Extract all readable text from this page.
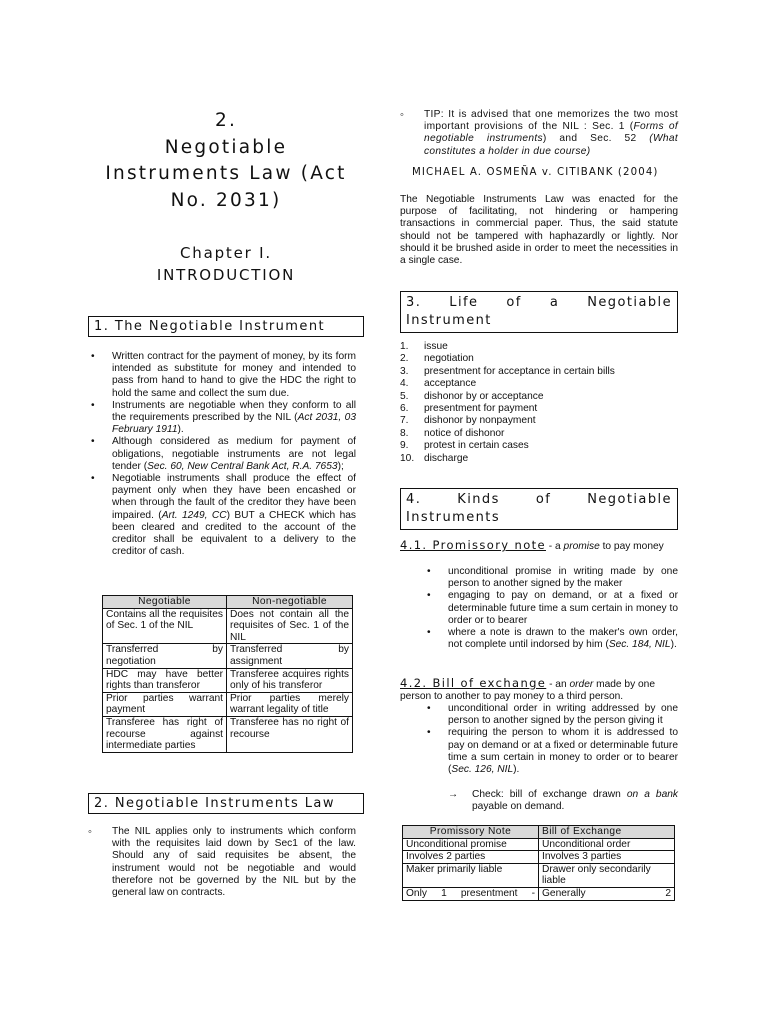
2.
Negotiable
Instruments Law (Act
No. 2031)
Chapter I.
INTRODUCTION
1. The Negotiable Instrument
• Written contract for the payment of money, by its form intended as substitute for money and intended to pass from hand to hand to give the HDC the right to hold the same and collect the sum due.
• Instruments are negotiable when they conform to all the requirements prescribed by the NIL (Act 2031, 03 February 1911).
• Although considered as medium for payment of obligations, negotiable instruments are not legal tender (Sec. 60, New Central Bank Act, R.A. 7653);
• Negotiable instruments shall produce the effect of payment only when they have been encashed or when through the fault of the creditor they have been impaired. (Art. 1249, CC) BUT a CHECK which has been cleared and credited to the account of the creditor shall be equivalent to a delivery to the creditor of cash.
Negotiable	Non-negotiable
Contains all the requisites of Sec. 1 of the NIL	Does not contain all the requisites of Sec. 1 of the NIL
Transferred by negotiation	Transferred by assignment
HDC may have better rights than transferor	Transferee acquires rights only of his transferor
Prior parties warrant payment	Prior parties merely warrant legality of title
Transferee has right of recourse against intermediate parties	Transferee has no right of recourse
2. Negotiable Instruments Law
◦ The NIL applies only to instruments which conform with the requisites laid down by Sec1 of the law. Should any of said requisites be absent, the instrument would not be negotiable and would therefore not be governed by the NIL but by the general law on contracts.
◦ TIP: It is advised that one memorizes the two most important provisions of the NIL : Sec. 1 (Forms of negotiable instruments) and Sec. 52 (What constitutes a holder in due course)
MICHAEL A. OSMEÑA v. CITIBANK (2004)
The Negotiable Instruments Law was enacted for the purpose of facilitating, not hindering or hampering transactions in commercial paper. Thus, the said statute should not be tampered with haphazardly or lightly. Nor should it be brushed aside in order to meet the necessities in a single case.
3. Life of a Negotiable Instrument
1.	issue
2.	negotiation
3.	presentment for acceptance in certain bills
4.	acceptance
5.	dishonor by or acceptance
6.	presentment for payment
7.	dishonor by nonpayment
8.	notice of dishonor
9.	protest in certain cases
10. discharge
4. Kinds of Negotiable Instruments
4.1. Promissory note - a promise to pay money
• unconditional promise in writing made by one person to another signed by the maker
• engaging to pay on demand, or at a fixed or determinable future time a sum certain in money to order or to bearer
• where a note is drawn to the maker's own order, not complete until indorsed by him (Sec. 184, NIL).
4.2. Bill of exchange - an order made by one person to another to pay money to a third person.
• unconditional order in writing addressed by one person to another signed by the person giving it
• requiring the person to whom it is addressed to pay on demand or at a fixed or determinable future time a sum certain in money to order or to bearer (Sec. 126, NIL).
→ Check: bill of exchange drawn on a bank payable on demand.
Promissory Note	Bill of Exchange
Unconditional promise	Unconditional order
Involves 2 parties	Involves 3 parties
Maker primarily liable	Drawer only secondarily liable
Only 1 presentment -	Generally 2
